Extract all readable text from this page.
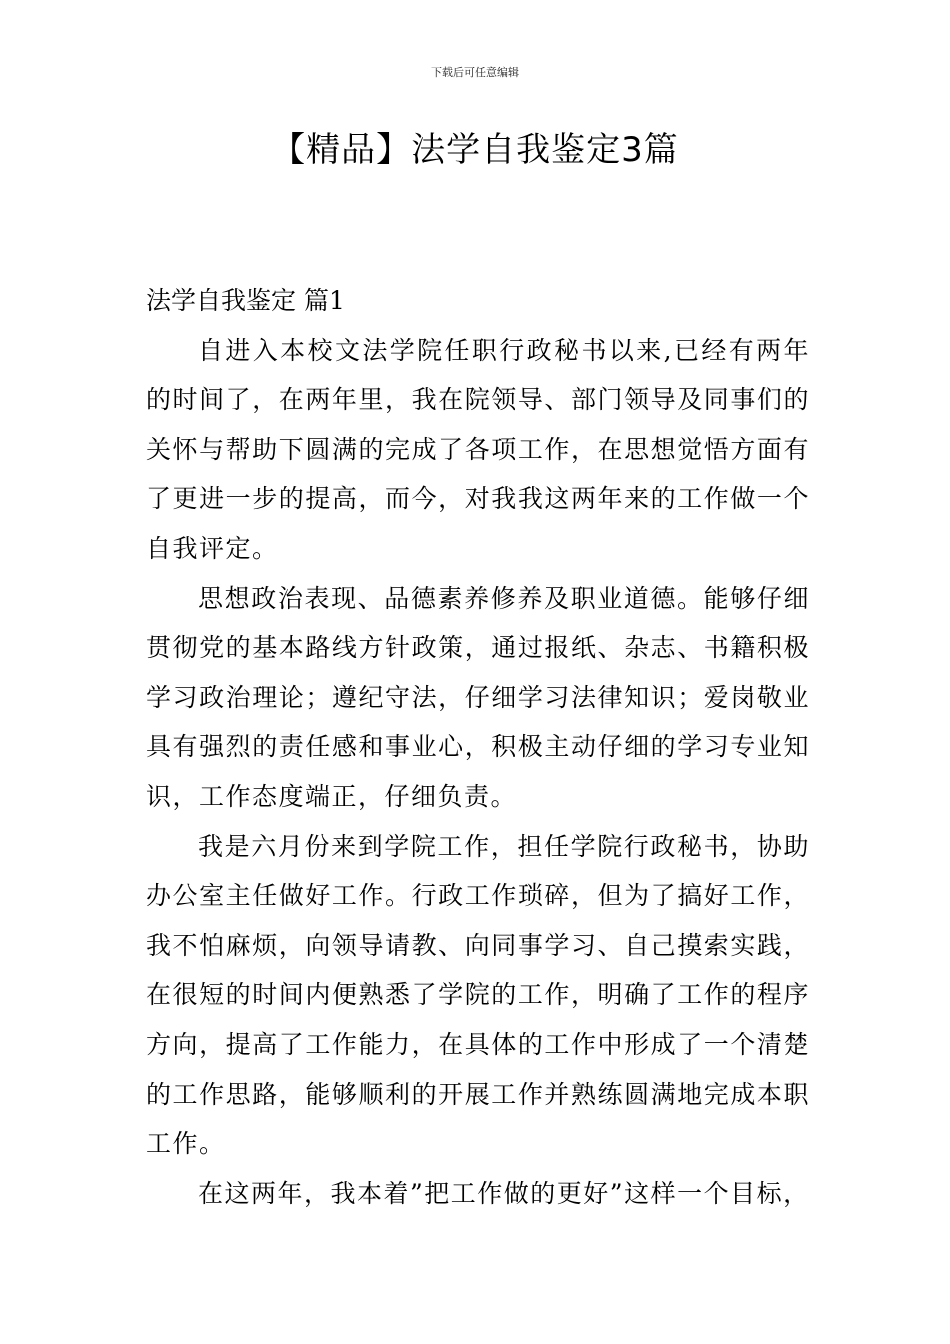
下载后可任意编辑
【精品】法学自我鉴定3篇
法学自我鉴定 篇1

自进入本校文法学院任职行政秘书以来,已经有两年的时间了，在两年里，我在院领导、部门领导及同事们的关怀与帮助下圆满的完成了各项工作，在思想觉悟方面有了更进一步的提高，而今，对我我这两年来的工作做一个自我评定。

思想政治表现、品德素养修养及职业道德。能够仔细贯彻党的基本路线方针政策，通过报纸、杂志、书籍积极学习政治理论；遵纪守法，仔细学习法律知识；爱岗敬业具有强烈的责任感和事业心，积极主动仔细的学习专业知识，工作态度端正，仔细负责。

我是六月份来到学院工作，担任学院行政秘书，协助办公室主任做好工作。行政工作琐碎，但为了搞好工作，我不怕麻烦，向领导请教、向同事学习、自己摸索实践，在很短的时间内便熟悉了学院的工作，明确了工作的程序方向，提高了工作能力，在具体的工作中形成了一个清楚的工作思路，能够顺利的开展工作并熟练圆满地完成本职工作。

在这两年，我本着”把工作做的更好”这样一个目标，
